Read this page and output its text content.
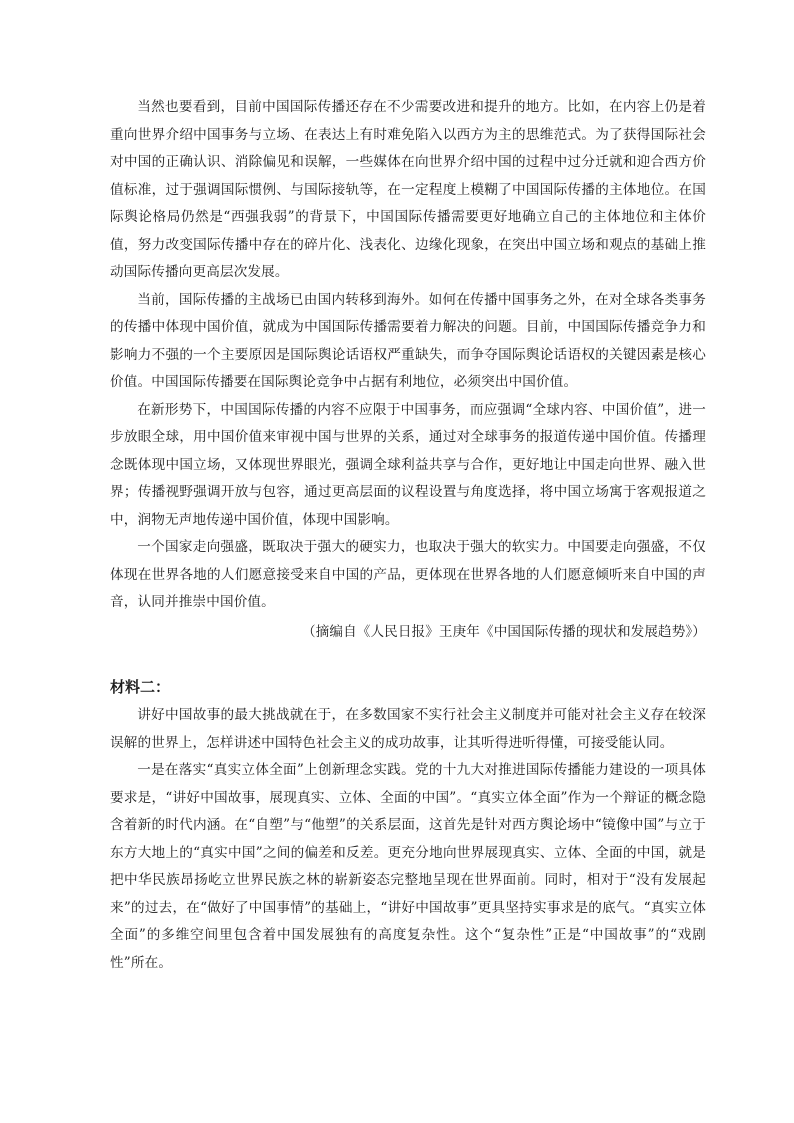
当然也要看到，目前中国国际传播还存在不少需要改进和提升的地方。比如，在内容上仍是着重向世界介绍中国事务与立场、在表达上有时难免陷入以西方为主的思维范式。为了获得国际社会对中国的正确认识、消除偏见和误解，一些媒体在向世界介绍中国的过程中过分迁就和迎合西方价值标准，过于强调国际惯例、与国际接轨等，在一定程度上模糊了中国国际传播的主体地位。在国际舆论格局仍然是“西强我弱”的背景下，中国国际传播需要更好地确立自己的主体地位和主体价值，努力改变国际传播中存在的碎片化、浅表化、边缘化现象，在突出中国立场和观点的基础上推动国际传播向更高层次发展。

当前，国际传播的主战场已由国内转移到海外。如何在传播中国事务之外，在对全球各类事务的传播中体现中国价值，就成为中国国际传播需要着力解决的问题。目前，中国国际传播竞争力和影响力不强的一个主要原因是国际舆论话语权严重缺失，而争夺国际舆论话语权的关键因素是核心价值。中国国际传播要在国际舆论竞争中占据有利地位，必须突出中国价值。

在新形势下，中国国际传播的内容不应限于中国事务，而应强调“全球内容、中国价值”，进一步放眼全球，用中国价值来审视中国与世界的关系，通过对全球事务的报道传递中国价值。传播理念既体现中国立场，又体现世界眼光，强调全球利益共享与合作，更好地让中国走向世界、融入世界；传播视野强调开放与包容，通过更高层面的议程设置与角度选择，将中国立场寓于客观报道之中，润物无声地传递中国价值，体现中国影响。

一个国家走向强盛，既取决于强大的硬实力，也取决于强大的软实力。中国要走向强盛，不仅体现在世界各地的人们愿意接受来自中国的产品，更体现在世界各地的人们愿意倾听来自中国的声音，认同并推崇中国价值。

（摘编自《人民日报》王庚年《中国国际传播的现状和发展趋势》）

材料二：

讲好中国故事的最大挑战就在于，在多数国家不实行社会主义制度并可能对社会主义存在较深误解的世界上，怎样讲述中国特色社会主义的成功故事，让其听得进听得懂，可接受能认同。

一是在落实“真实立体全面”上创新理念实践。党的十九大对推进国际传播能力建设的一项具体要求是，“讲好中国故事，展现真实、立体、全面的中国”。“真实立体全面”作为一个辩证的概念隐含着新的时代内涵。在“自塑”与“他塑”的关系层面，这首先是针对西方舆论场中“镜像中国”与立于东方大地上的“真实中国”之间的偏差和反差。更充分地向世界展现真实、立体、全面的中国，就是把中华民族昂扬屹立世界民族之林的崭新姿态完整地呈现在世界面前。同时，相对于“没有发展起来”的过去，在“做好了中国事情”的基础上，“讲好中国故事”更具坚持实事求是的底气。“真实立体全面”的多维空间里包含着中国发展独有的高度复杂性。这个“复杂性”正是“中国故事”的“戏剧性”所在。
